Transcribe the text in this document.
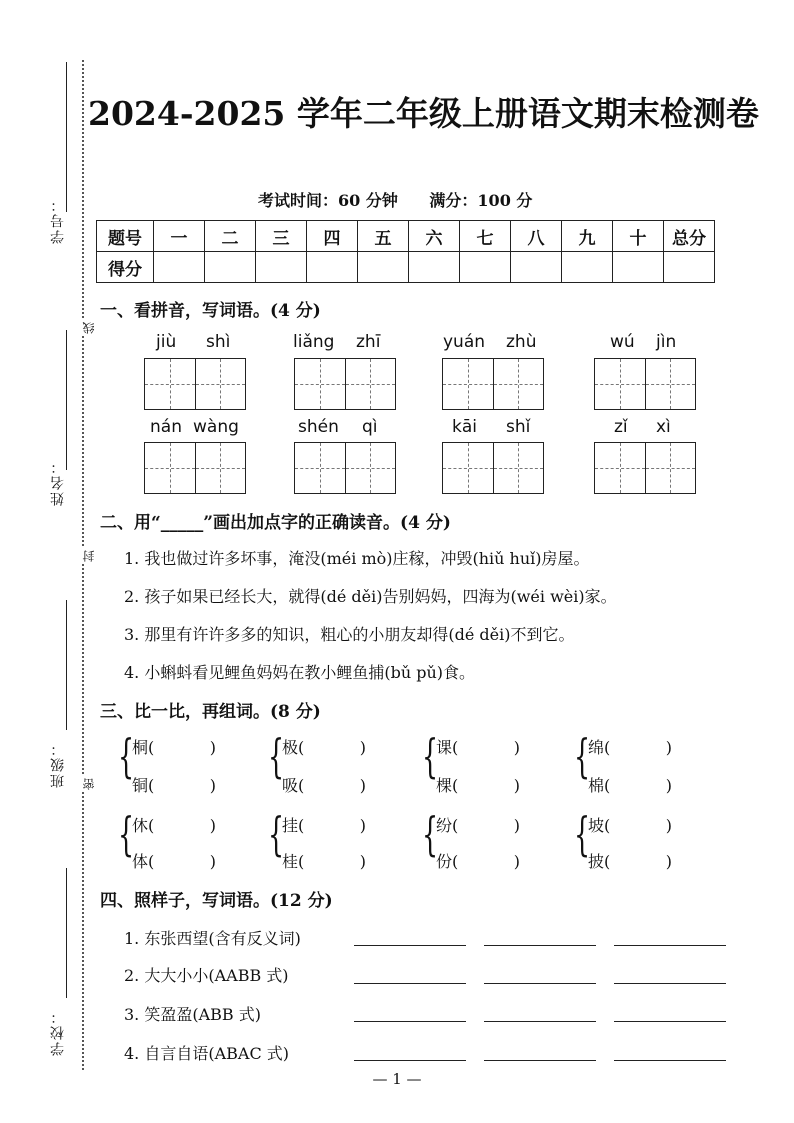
学号：
姓名：
班级：
学校：
线
封
密
2024-2025 学年二年级上册语文期末检测卷
考试时间：60 分钟 满分：100 分
题号	一	二	三	四	五	六	七	八	九	十	总分
得分											
一、看拼音，写词语。(4 分)
jiù shì	liǎng zhī	yuán zhù	wú jìn
nán wàng	shén qì	kāi shǐ	zǐ xì
二、用“_____”画出加点字的正确读音。(4 分)
1. 我也做过许多坏事，淹没(méi mò)庄稼，冲毁(hiǔ huǐ)房屋。
2. 孩子如果已经长大，就得(dé děi)告别妈妈，四海为(wéi wèi)家。
3. 那里有许许多多的知识，粗心的小朋友却得(dé děi)不到它。
4. 小蝌蚪看见鲤鱼妈妈在教小鲤鱼捕(bǔ pǔ)食。
三、比一比，再组词。(8 分)
{
桐(	)
铜(	)
{
极(	)
吸(	)
{
课(	)
棵(	)
{
绵(	)
棉(	)
{
休(	)
体(	)
{
挂(	)
桂(	)
{
纷(	)
份(	)
{
坡(	)
披(	)
四、照样子，写词语。(12 分)
1. 东张西望(含有反义词)
2. 大大小小(AABB 式)
3. 笑盈盈(ABB 式)
4. 自言自语(ABAC 式)
— 1 —
